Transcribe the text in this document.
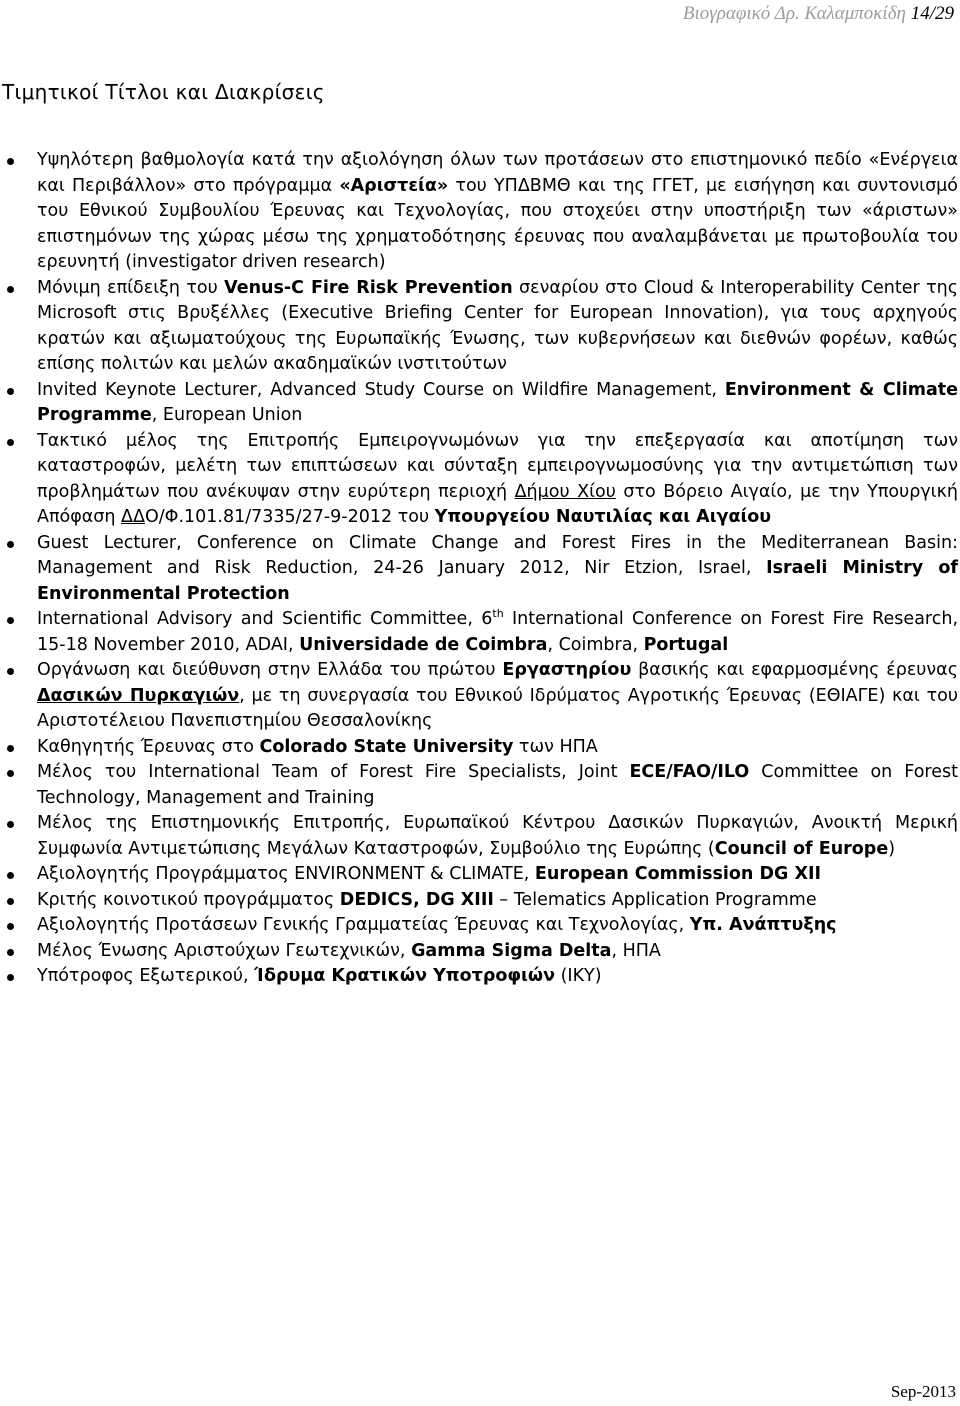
Βιογραφικό Δρ. Καλαμποκίδη 14/29
Τιμητικοί Τίτλοι και Διακρίσεις
Υψηλότερη βαθμολογία κατά την αξιολόγηση όλων των προτάσεων στο επιστημονικό πεδίο «Ενέργεια και Περιβάλλον» στο πρόγραμμα «Αριστεία» του ΥΠΔΒΜΘ και της ΓΓΕΤ, με εισήγηση και συντονισμό του Εθνικού Συμβουλίου Έρευνας και Τεχνολογίας, που στοχεύει στην υποστήριξη των «άριστων» επιστημόνων της χώρας μέσω της χρηματοδότησης έρευνας που αναλαμβάνεται με πρωτοβουλία του ερευνητή (investigator driven research)
Μόνιμη επίδειξη του Venus-C Fire Risk Prevention σεναρίου στο Cloud & Interoperability Center της Microsoft στις Βρυξέλλες (Executive Briefing Center for European Innovation), για τους αρχηγούς κρατών και αξιωματούχους της Ευρωπαϊκής Ένωσης, των κυβερνήσεων και διεθνών φορέων, καθώς επίσης πολιτών και μελών ακαδημαϊκών ινστιτούτων
Invited Keynote Lecturer, Advanced Study Course on Wildfire Management, Environment & Climate Programme, European Union
Τακτικό μέλος της Επιτροπής Εμπειρογνωμόνων για την επεξεργασία και αποτίμηση των καταστροφών, μελέτη των επιπτώσεων και σύνταξη εμπειρογνωμοσύνης για την αντιμετώπιση των προβλημάτων που ανέκυψαν στην ευρύτερη περιοχή Δήμου Χίου στο Βόρειο Αιγαίο, με την Υπουργική Απόφαση ΔΔΟ/Φ.101.81/7335/27-9-2012 του Υπουργείου Ναυτιλίας και Αιγαίου
Guest Lecturer, Conference on Climate Change and Forest Fires in the Mediterranean Basin: Management and Risk Reduction, 24-26 January 2012, Nir Etzion, Israel, Israeli Ministry of Environmental Protection
International Advisory and Scientific Committee, 6th International Conference on Forest Fire Research, 15-18 November 2010, ADAI, Universidade de Coimbra, Coimbra, Portugal
Οργάνωση και διεύθυνση στην Ελλάδα του πρώτου Εργαστηρίου βασικής και εφαρμοσμένης έρευνας Δασικών Πυρκαγιών, με τη συνεργασία του Εθνικού Ιδρύματος Αγροτικής Έρευνας (ΕΘΙΑΓΕ) και του Αριστοτέλειου Πανεπιστημίου Θεσσαλονίκης
Καθηγητής Έρευνας στο Colorado State University των ΗΠΑ
Μέλος του International Team of Forest Fire Specialists, Joint ECE/FAO/ILO Committee on Forest Technology, Management and Training
Μέλος της Επιστημονικής Επιτροπής, Ευρωπαϊκού Κέντρου Δασικών Πυρκαγιών, Ανοικτή Μερική Συμφωνία Αντιμετώπισης Μεγάλων Καταστροφών, Συμβούλιο της Ευρώπης (Council of Europe)
Αξιολογητής Προγράμματος ENVIRONMENT & CLIMATE, European Commission DG XII
Κριτής κοινοτικού προγράμματος DEDICS, DG XIII – Telematics Application Programme
Αξιολογητής Προτάσεων Γενικής Γραμματείας Έρευνας και Τεχνολογίας, Υπ. Ανάπτυξης
Μέλος Ένωσης Αριστούχων Γεωτεχνικών, Gamma Sigma Delta, ΗΠΑ
Υπότροφος Εξωτερικού, Ίδρυμα Κρατικών Υποτροφιών (ΙΚΥ)
Sep-2013
